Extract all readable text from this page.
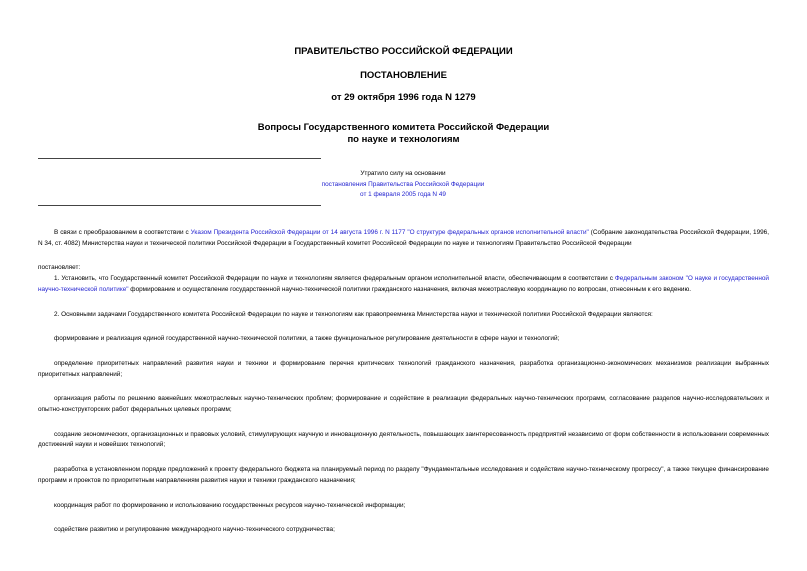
ПРАВИТЕЛЬСТВО РОССИЙСКОЙ ФЕДЕРАЦИИ
ПОСТАНОВЛЕНИЕ
от 29 октября 1996 года N 1279
Вопросы Государственного комитета Российской Федерации
по науке и технологиям
Утратило силу на основании
постановления Правительства Российской Федерации
от 1 февраля 2005 года N 49

В связи с преобразованием в соответствии с Указом Президента Российской Федерации от 14 августа 1996 г. N 1177 "О структуре федеральных органов исполнительной власти" (Собрание законодательства Российской Федерации, 1996, N 34, ст. 4082) Министерства науки и технической политики Российской Федерации в Государственный комитет Российской Федерации по науке и технологиям Правительство Российской Федерации

постановляет:

1. Установить, что Государственный комитет Российской Федерации по науке и технологиям является федеральным органом исполнительной власти, обеспечивающим в соответствии с Федеральным законом "О науке и государственной научно-технической политике" формирование и осуществление государственной научно-технической политики гражданского назначения, включая межотраслевую координацию по вопросам, отнесенным к его ведению.

2. Основными задачами Государственного комитета Российской Федерации по науке и технологиям как правопреемника Министерства науки и технической политики Российской Федерации являются:

формирование и реализация единой государственной научно-технической политики, а также функциональное регулирование деятельности в сфере науки и технологий;

определение приоритетных направлений развития науки и техники и формирование перечня критических технологий гражданского назначения, разработка организационно-экономических механизмов реализации выбранных приоритетных направлений;

организация работы по решению важнейших межотраслевых научно-технических проблем; формирование и содействие в реализации федеральных научно-технических программ, согласование разделов научно-исследовательских и опытно-конструкторских работ федеральных целевых программ;

создание экономических, организационных и правовых условий, стимулирующих научную и инновационную деятельность, повышающих заинтересованность предприятий независимо от форм собственности в использовании современных достижений науки и новейших технологий;

разработка в установленном порядке предложений к проекту федерального бюджета на планируемый период по разделу "Фундаментальные исследования и содействие научно-техническому прогрессу", а также текущее финансирование программ и проектов по приоритетным направлениям развития науки и техники гражданского назначения;

координация работ по формированию и использованию государственных ресурсов научно-технической информации;

содействие развитию и регулирование международного научно-технического сотрудничества;
